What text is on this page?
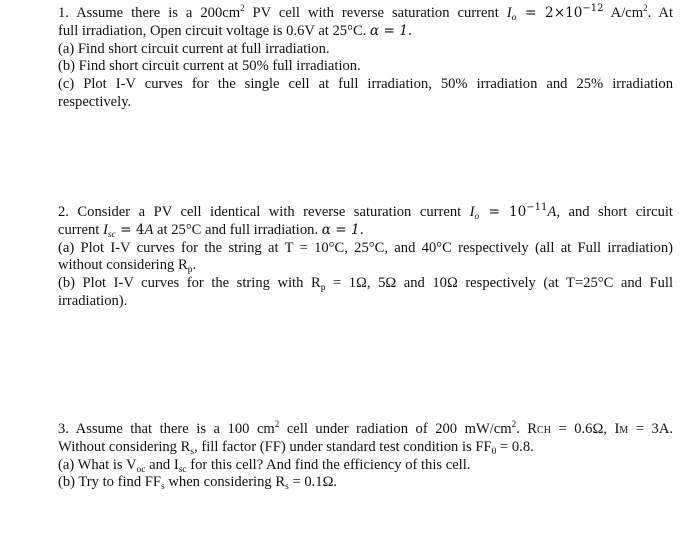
1. Assume there is a $200cm^2$ PV cell with reverse saturation current $I_o = 2\times 10^{-12}$ $A/cm^2$. At
full irradiation, Open circuit voltage is 0.6V at 25°C. α = 1.
(a) Find short circuit current at full irradiation.
(b) Find short circuit current at 50% full irradiation.
(c) Plot I-V curves for the single cell at full irradiation, 50% irradiation and 25% irradiation
respectively.
2. Consider a PV cell identical with reverse saturation current $I_o = 10^{-11}A$, and short circuit
current $I_{sc} = 4A$ at 25°C and full irradiation. α = 1.
(a) Plot I-V curves for the string at T = 10°C, 25°C, and 40°C respectively (all at Full irradiation)
without considering $R_p$.
(b) Plot I-V curves for the string with $R_p = 1\Omega$, 5Ω and 10Ω respectively (at T=25°C and Full
irradiation).
3. Assume that there is a 100 $cm^2$ cell under radiation of 200 $mW/cm^2$. RCH = 0.6Ω, IM = 3A.
Without considering $R_s$, fill factor (FF) under standard test condition is $FF_0 = 0.8$.
(a) What is $V_{oc}$ and $I_{sc}$ for this cell? And find the efficiency of this cell.
(b) Try to find $FF_s$ when considering $R_s = 0.1\Omega$.
